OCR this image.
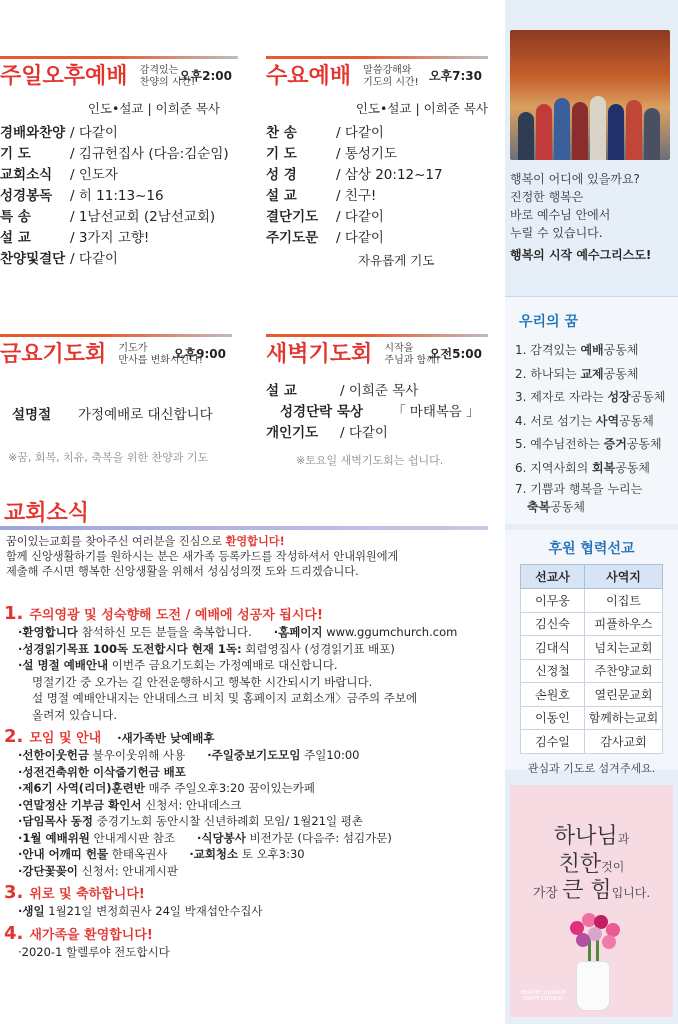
주일오후예배 감격있는
찬양의 시간!
오후2:00
인도•설교 | 이희준 목사
경배와찬양 / 다같이
기 도	/ 김규헌집사 (다음:김순임)
교회소식	/ 인도자
성경봉독	/ 히 11:13~16
특 송	/ 1남선교회 (2남선교회)
설 교	/ 3가지 고향!
찬양및결단 / 다같이
수요예배 말씀강해와
기도의 시간! 오후7:30
인도•설교 | 이희준 목사
찬 송	/ 다같이
기 도	/ 통성기도
성 경	/ 삼상 20:12~17
설 교	/ 친구!
결단기도	/ 다같이
주기도문	/ 다같이
자유롭게 기도
금요기도회 기도가
만사를 변화시킨다!
오후9:00
설명절	가정예배로 대신합니다
※꿈, 회복, 치유, 축복을 위한 찬양과 기도
새벽기도회 시작을
주님과 함께!
오전5:00
설 교	/ 이희준 목사
성경단락 묵상	「 마태복음 」
개인기도	/ 다같이
※토요일 새벽기도회는 쉽니다.
교회소식
꿈이있는교회를 찾아주신 여러분을 진심으로 환영합니다!
함께 신앙생활하기를 원하시는 분은 새가족 등록카드를 작성하셔서 안내위원에게
제출해 주시면 행복한 신앙생활을 위해서 성심성의껏 도와 드리겠습니다.
1. 주의영광 및 성숙향해 도전 / 예배에 성공자 됩시다!
·환영합니다 참석하신 모든 분들을 축복합니다. ·홈페이지 www.ggumchurch.com
·성경읽기목표 100독 도전합시다 현재 1독: 회렴영집사 (성경읽기표 배포)
·설 명절 예배안내 이번주 금요기도회는 가정예배로 대신합니다.
명절기간 중 오가는 길 안전운행하시고 행복한 시간되시기 바랍니다.
설 명절 예배안내지는 안내데스크 비치 및 홈페이지 교회소개〉금주의 주보에
올려져 있습니다.
2. 모임 및 안내 ·새가족반 낮예배후
·선한이웃헌금 불우이웃위해 사용 ·주일중보기도모임 주일10:00
·성전건축위한 이삭줍기헌금 배포
·제6기 사역(리더)훈련반 매주 주일오후3:20 꿈이있는카페
·연말정산 기부금 확인서 신청서: 안내데스크
·담임목사 동정 중경기노회 동안시찰 신년하례회 모임/ 1월21일 평촌
·1월 예배위원 안내게시판 참조 ·식당봉사 비전가문 (다음주: 섬김가문)
·안내 어깨띠 헌물 한태옥권사 ·교회청소 토 오후3:30
·강단꽃꽂이 신청서: 안내게시판
3. 위로 및 축하합니다!
·생일 1월21일 변정희권사 24일 박재섭안수집사
4. 새가족을 환영합니다!
·2020-1 할렐루야 전도합시다
행복이 어디에 있을까요?
진정한 행복은
바로 예수님 안에서
누릴 수 있습니다.
행복의 시작 예수그리스도!
우리의 꿈
1. 감격있는 예배공동체
2. 하나되는 교제공동체
3. 제자로 자라는 성장공동체
4. 서로 섬기는 사역공동체
5. 예수님전하는 증거공동체
6. 지역사회의 회복공동체
7. 기쁨과 행복을 누리는
축복공동체
후원 협력선교
선교사	사역지
이무웅	이집트
김신숙	피플하우스
김대식	넘치는교회
신정철	주찬양교회
손원호	열린문교회
이동인	함께하는교회
김수일	감사교회
관심과 기도로 섬겨주세요.
하나님과
친한것이
가장 큰 힘입니다.
HEALTHY CHURCH
HAPPY CHURCH
